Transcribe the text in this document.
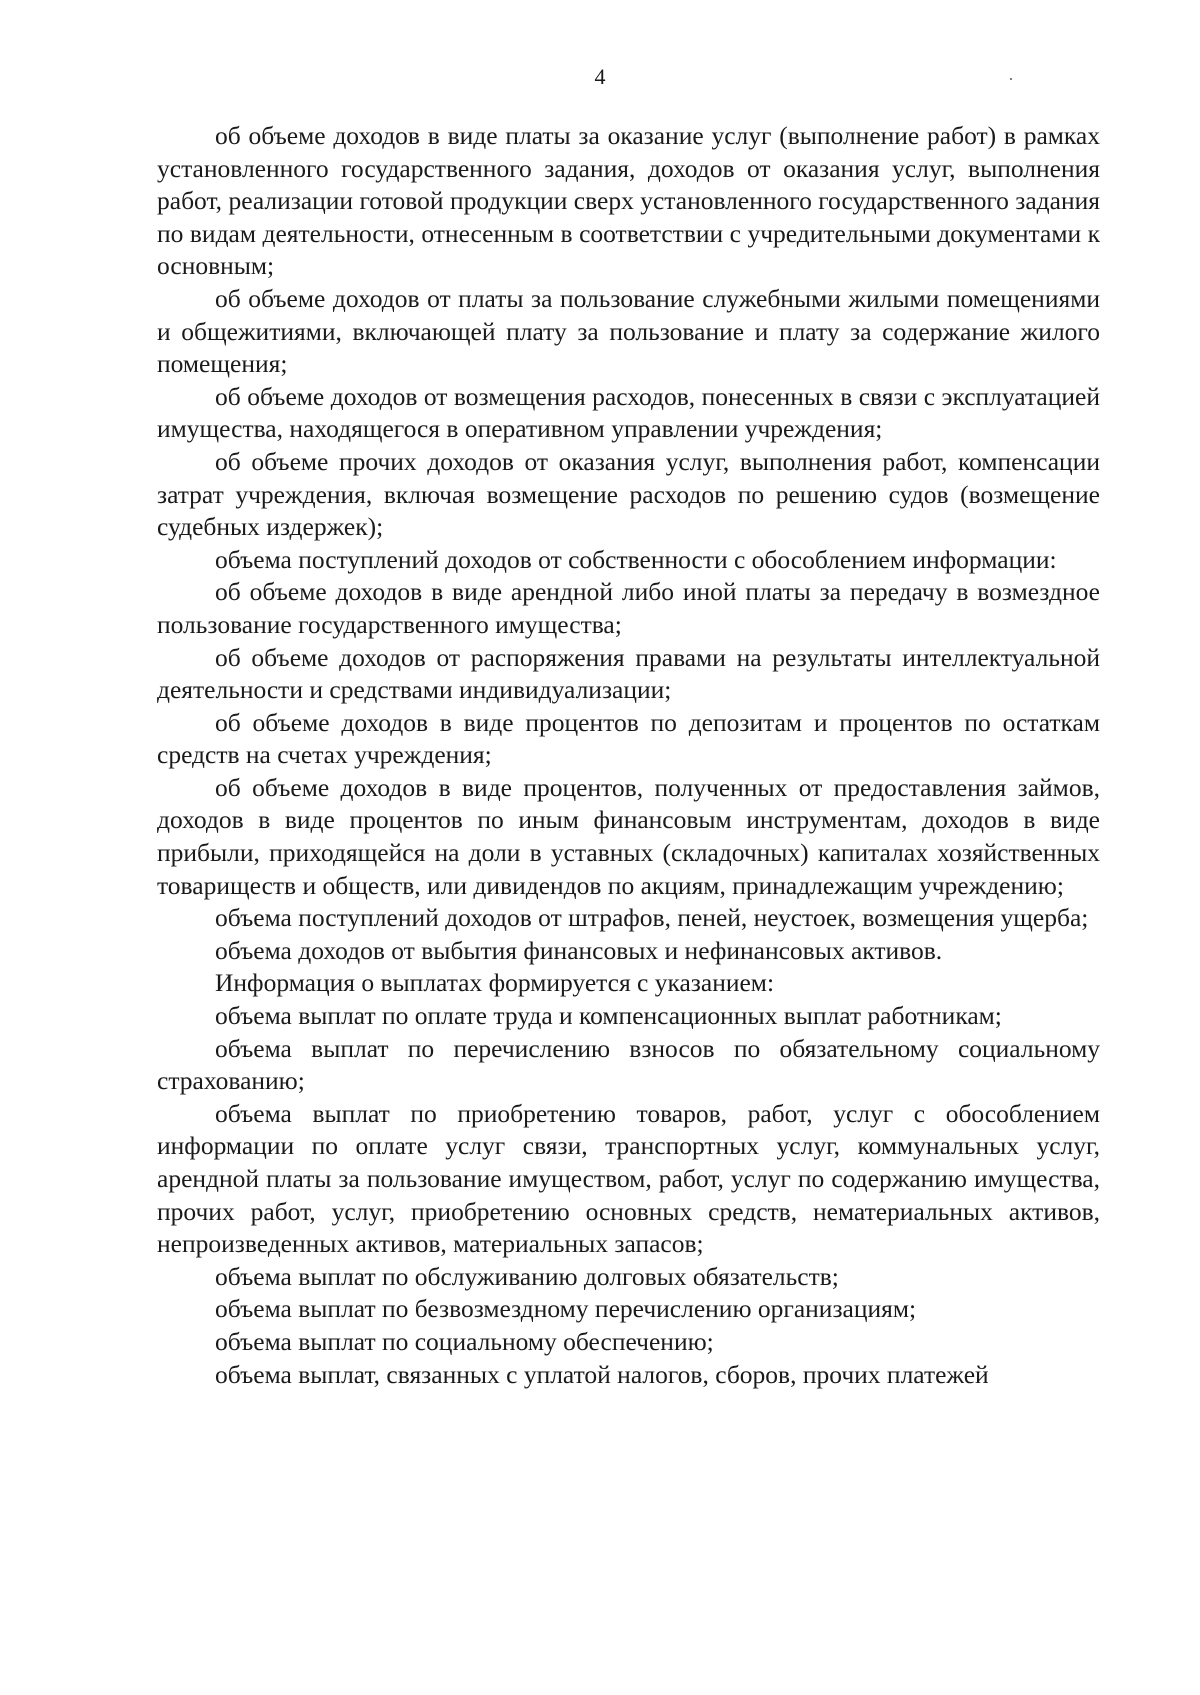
4

об объеме доходов в виде платы за оказание услуг (выполнение работ) в рамках установленного государственного задания, доходов от оказания услуг, выполнения работ, реализации готовой продукции сверх установленного государственного задания по видам деятельности, отнесенным в соответствии с учредительными документами к основным;

об объеме доходов от платы за пользование служебными жилыми помещениями и общежитиями, включающей плату за пользование и плату за содержание жилого помещения;

об объеме доходов от возмещения расходов, понесенных в связи с эксплуатацией имущества, находящегося в оперативном управлении учреждения;

об объеме прочих доходов от оказания услуг, выполнения работ, компенсации затрат учреждения, включая возмещение расходов по решению судов (возмещение судебных издержек);

объема поступлений доходов от собственности с обособлением информации:

об объеме доходов в виде арендной либо иной платы за передачу в возмездное пользование государственного имущества;

об объеме доходов от распоряжения правами на результаты интеллектуальной деятельности и средствами индивидуализации;

об объеме доходов в виде процентов по депозитам и процентов по остаткам средств на счетах учреждения;

об объеме доходов в виде процентов, полученных от предоставления займов, доходов в виде процентов по иным финансовым инструментам, доходов в виде прибыли, приходящейся на доли в уставных (складочных) капиталах хозяйственных товариществ и обществ, или дивидендов по акциям, принадлежащим учреждению;

объема поступлений доходов от штрафов, пеней, неустоек, возмещения ущерба;

объема доходов от выбытия финансовых и нефинансовых активов.

Информация о выплатах формируется с указанием:

объема выплат по оплате труда и компенсационных выплат работникам;

объема выплат по перечислению взносов по обязательному социальному страхованию;

объема выплат по приобретению товаров, работ, услуг с обособлением информации по оплате услуг связи, транспортных услуг, коммунальных услуг, арендной платы за пользование имуществом, работ, услуг по содержанию имущества, прочих работ, услуг, приобретению основных средств, нематериальных активов, непроизведенных активов, материальных запасов;

объема выплат по обслуживанию долговых обязательств;

объема выплат по безвозмездному перечислению организациям;

объема выплат по социальному обеспечению;

объема выплат, связанных с уплатой налогов, сборов, прочих платежей
